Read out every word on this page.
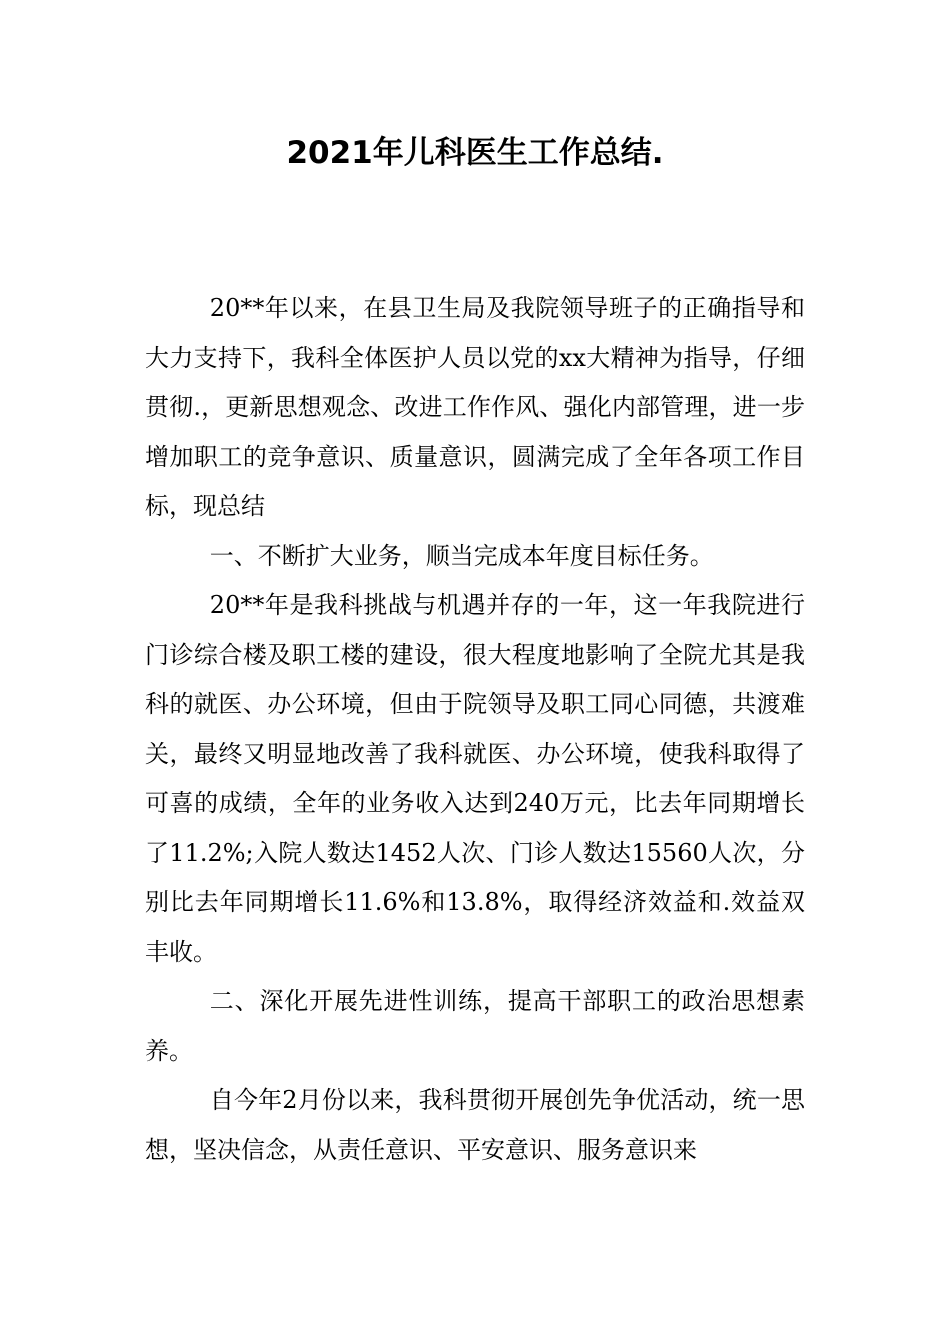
2021年儿科医生工作总结.

20**年以来，在县卫生局及我院领导班子的正确指导和大力支持下，我科全体医护人员以党的xx大精神为指导，仔细贯彻.，更新思想观念、改进工作作风、强化内部管理，进一步增加职工的竞争意识、质量意识，圆满完成了全年各项工作目标，现总结

一、不断扩大业务，顺当完成本年度目标任务。

20**年是我科挑战与机遇并存的一年，这一年我院进行门诊综合楼及职工楼的建设，很大程度地影响了全院尤其是我科的就医、办公环境，但由于院领导及职工同心同德，共渡难关，最终又明显地改善了我科就医、办公环境，使我科取得了可喜的成绩，全年的业务收入达到240万元，比去年同期增长了11.2%;入院人数达1452人次、门诊人数达15560人次，分别比去年同期增长11.6%和13.8%，取得经济效益和.效益双丰收。

二、深化开展先进性训练，提高干部职工的政治思想素养。

自今年2月份以来，我科贯彻开展创先争优活动，统一思想，坚决信念，从责任意识、平安意识、服务意识来
